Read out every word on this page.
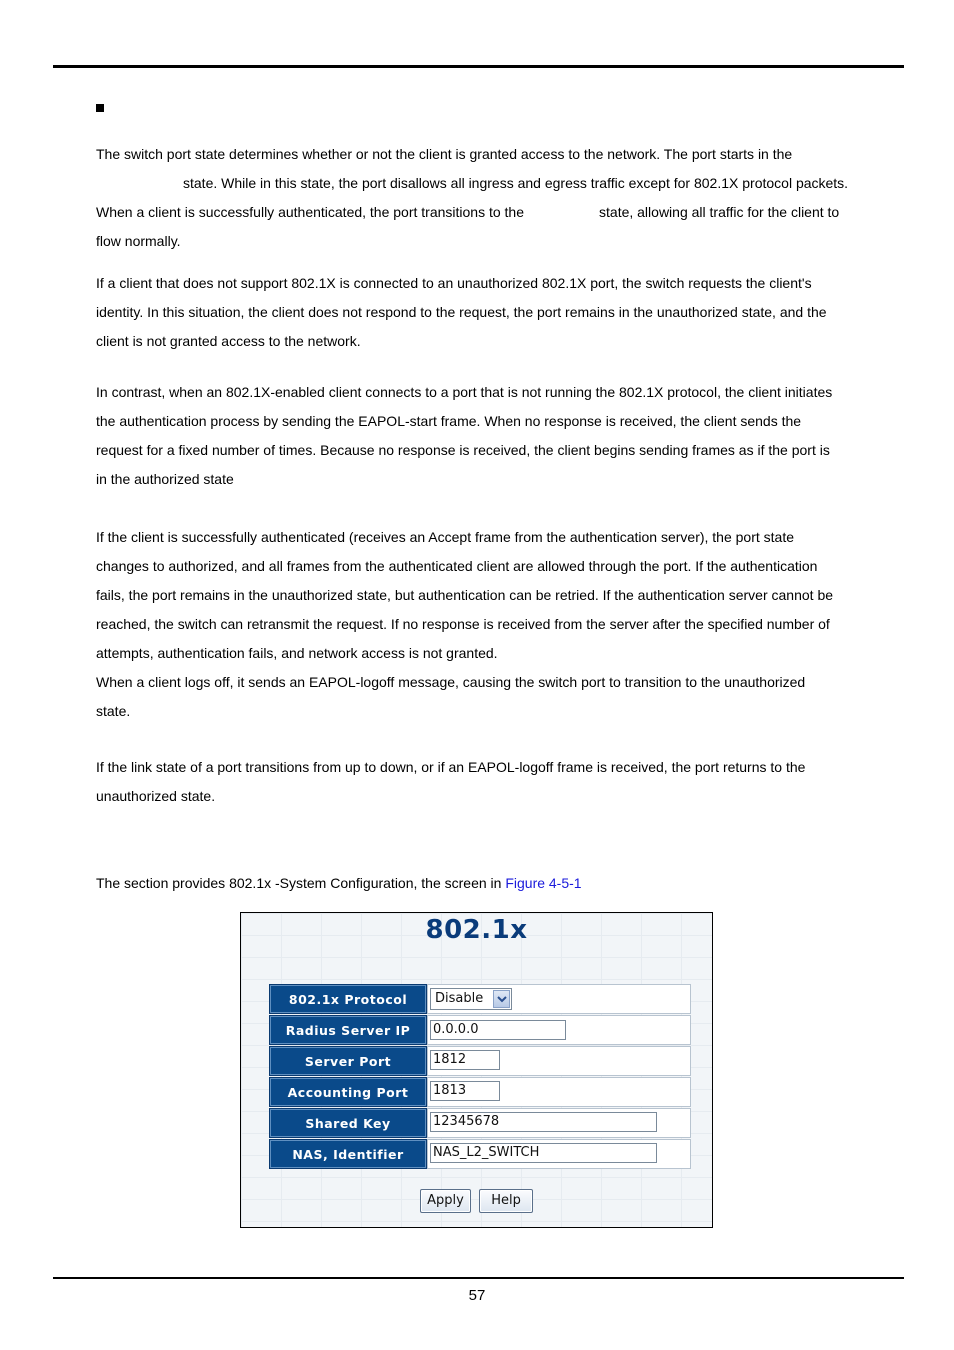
The switch port state determines whether or not the client is granted access to the network. The port starts in the
state. While in this state, the port disallows all ingress and egress traffic except for 802.1X protocol packets.
When a client is successfully authenticated, the port transitions to the	state, allowing all traffic for the client to
flow normally.
If a client that does not support 802.1X is connected to an unauthorized 802.1X port, the switch requests the client's
identity. In this situation, the client does not respond to the request, the port remains in the unauthorized state, and the
client is not granted access to the network.
In contrast, when an 802.1X-enabled client connects to a port that is not running the 802.1X protocol, the client initiates
the authentication process by sending the EAPOL-start frame. When no response is received, the client sends the
request for a fixed number of times. Because no response is received, the client begins sending frames as if the port is
in the authorized state
If the client is successfully authenticated (receives an Accept frame from the authentication server), the port state
changes to authorized, and all frames from the authenticated client are allowed through the port. If the authentication
fails, the port remains in the unauthorized state, but authentication can be retried. If the authentication server cannot be
reached, the switch can retransmit the request. If no response is received from the server after the specified number of
attempts, authentication fails, and network access is not granted.
When a client logs off, it sends an EAPOL-logoff message, causing the switch port to transition to the unauthorized
state.
If the link state of a port transitions from up to down, or if an EAPOL-logoff frame is received, the port returns to the
unauthorized state.
The section provides 802.1x -System Configuration, the screen in Figure 4-5-1
802.1x
802.1x Protocol	Disable
Radius Server IP	0.0.0.0
Server Port	1812
Accounting Port	1813
Shared Key	12345678
NAS, Identifier	NAS_L2_SWITCH
Apply Help
57
